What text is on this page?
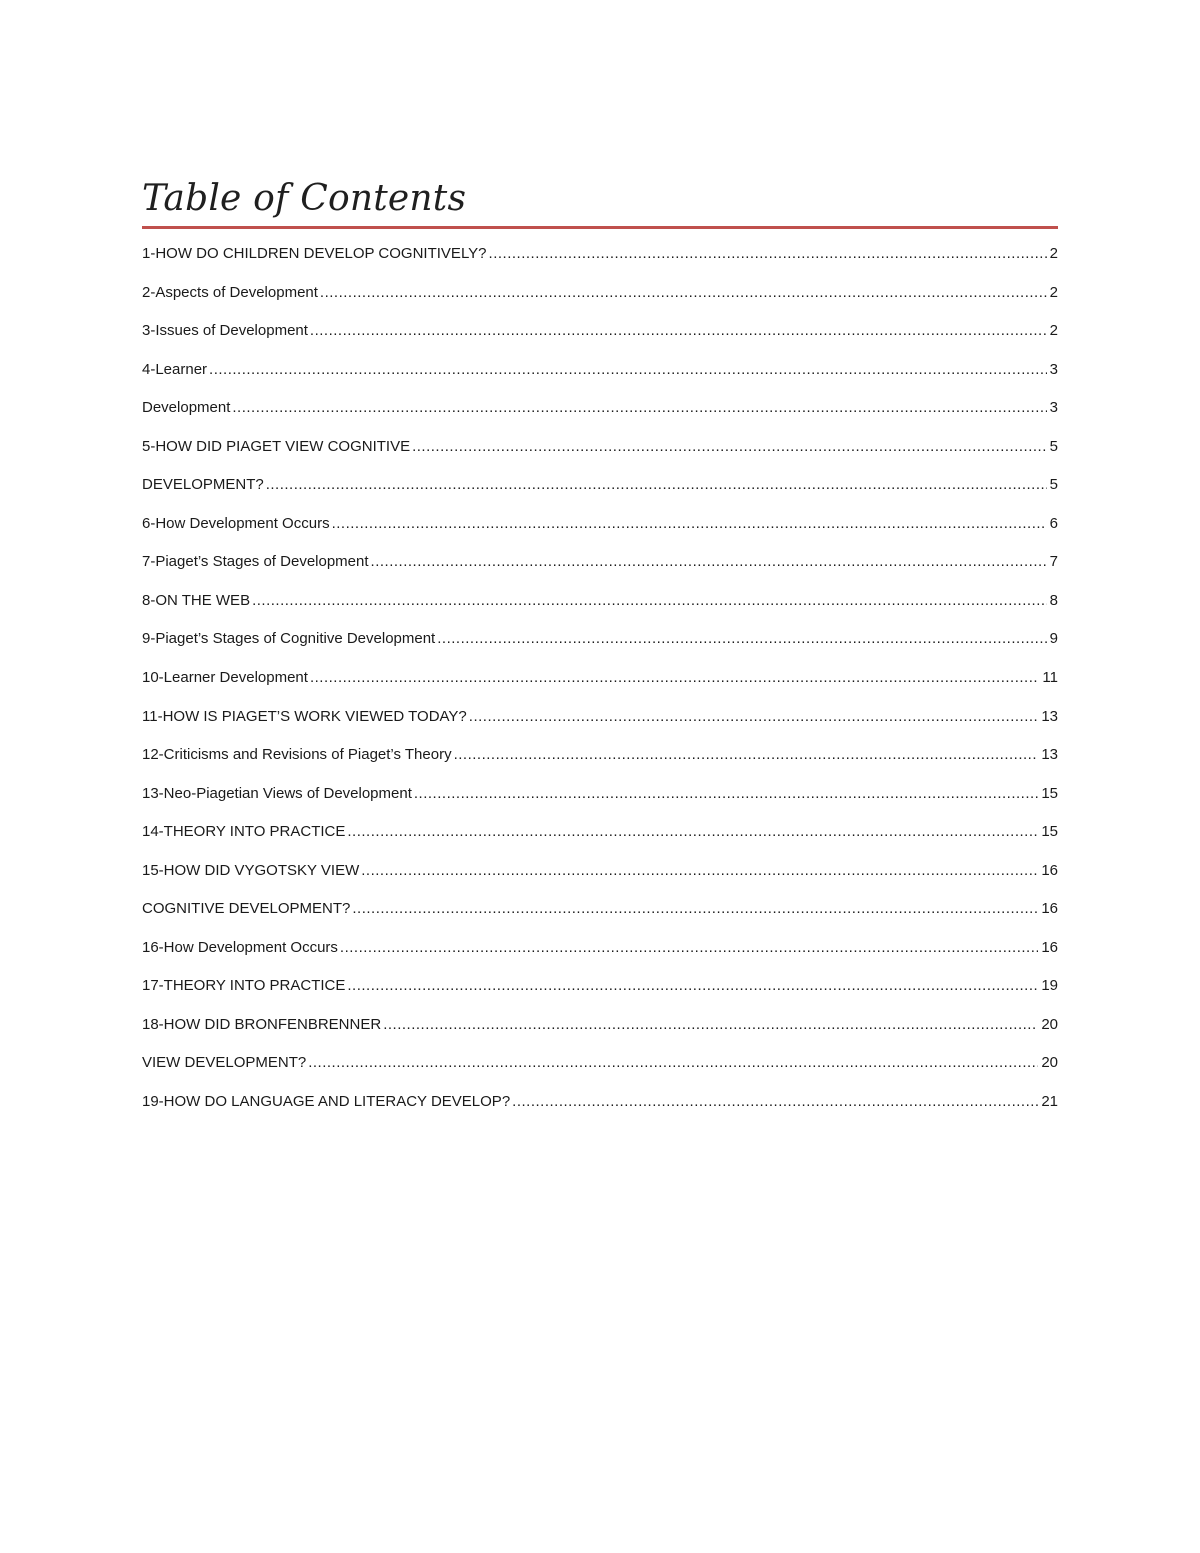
Table of Contents
1-HOW DO CHILDREN DEVELOP COGNITIVELY? .....	2
2-Aspects of Development .....	2
3-Issues of Development .....	2
4-Learner .....	3
Development .....	3
5-HOW DID PIAGET VIEW COGNITIVE .....	5
DEVELOPMENT? .....	5
6-How Development Occurs .....	6
7-Piaget’s Stages of Development .....	7
8-ON THE WEB .....	8
9-Piaget’s Stages of Cognitive Development .....	9
10-Learner Development .....	11
11-HOW IS PIAGET’S WORK VIEWED TODAY? .....	13
12-Criticisms and Revisions of Piaget’s Theory .....	13
13-Neo-Piagetian Views of Development .....	15
14-THEORY INTO PRACTICE .....	15
15-HOW DID VYGOTSKY VIEW .....	16
COGNITIVE DEVELOPMENT? .....	16
16-How Development Occurs .....	16
17-THEORY INTO PRACTICE .....	19
18-HOW DID BRONFENBRENNER .....	20
VIEW DEVELOPMENT? .....	20
19-HOW DO LANGUAGE AND LITERACY DEVELOP? .....	21
